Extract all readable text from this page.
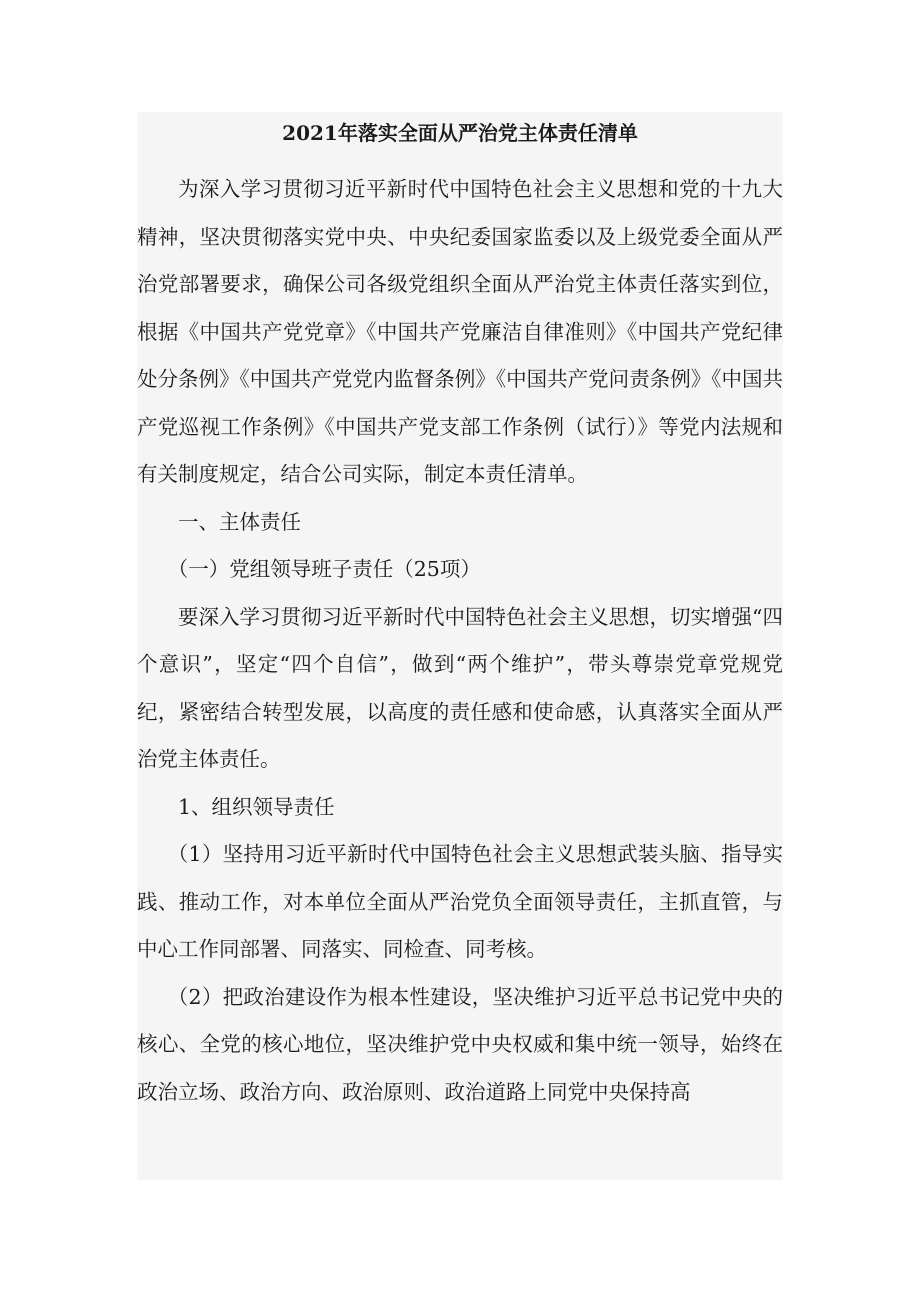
2021年落实全面从严治党主体责任清单

为深入学习贯彻习近平新时代中国特色社会主义思想和党的十九大精神，坚决贯彻落实党中央、中央纪委国家监委以及上级党委全面从严治党部署要求，确保公司各级党组织全面从严治党主体责任落实到位，根据《中国共产党党章》《中国共产党廉洁自律准则》《中国共产党纪律处分条例》《中国共产党党内监督条例》《中国共产党问责条例》《中国共产党巡视工作条例》《中国共产党支部工作条例（试行）》等党内法规和有关制度规定，结合公司实际，制定本责任清单。

一、主体责任

（一）党组领导班子责任（25项）

要深入学习贯彻习近平新时代中国特色社会主义思想，切实增强“四个意识”，坚定“四个自信”，做到“两个维护”，带头尊崇党章党规党纪，紧密结合转型发展，以高度的责任感和使命感，认真落实全面从严治党主体责任。

1、组织领导责任

（1）坚持用习近平新时代中国特色社会主义思想武装头脑、指导实践、推动工作，对本单位全面从严治党负全面领导责任，主抓直管，与中心工作同部署、同落实、同检查、同考核。

（2）把政治建设作为根本性建设，坚决维护习近平总书记党中央的核心、全党的核心地位，坚决维护党中央权威和集中统一领导，始终在政治立场、政治方向、政治原则、政治道路上同党中央保持高
